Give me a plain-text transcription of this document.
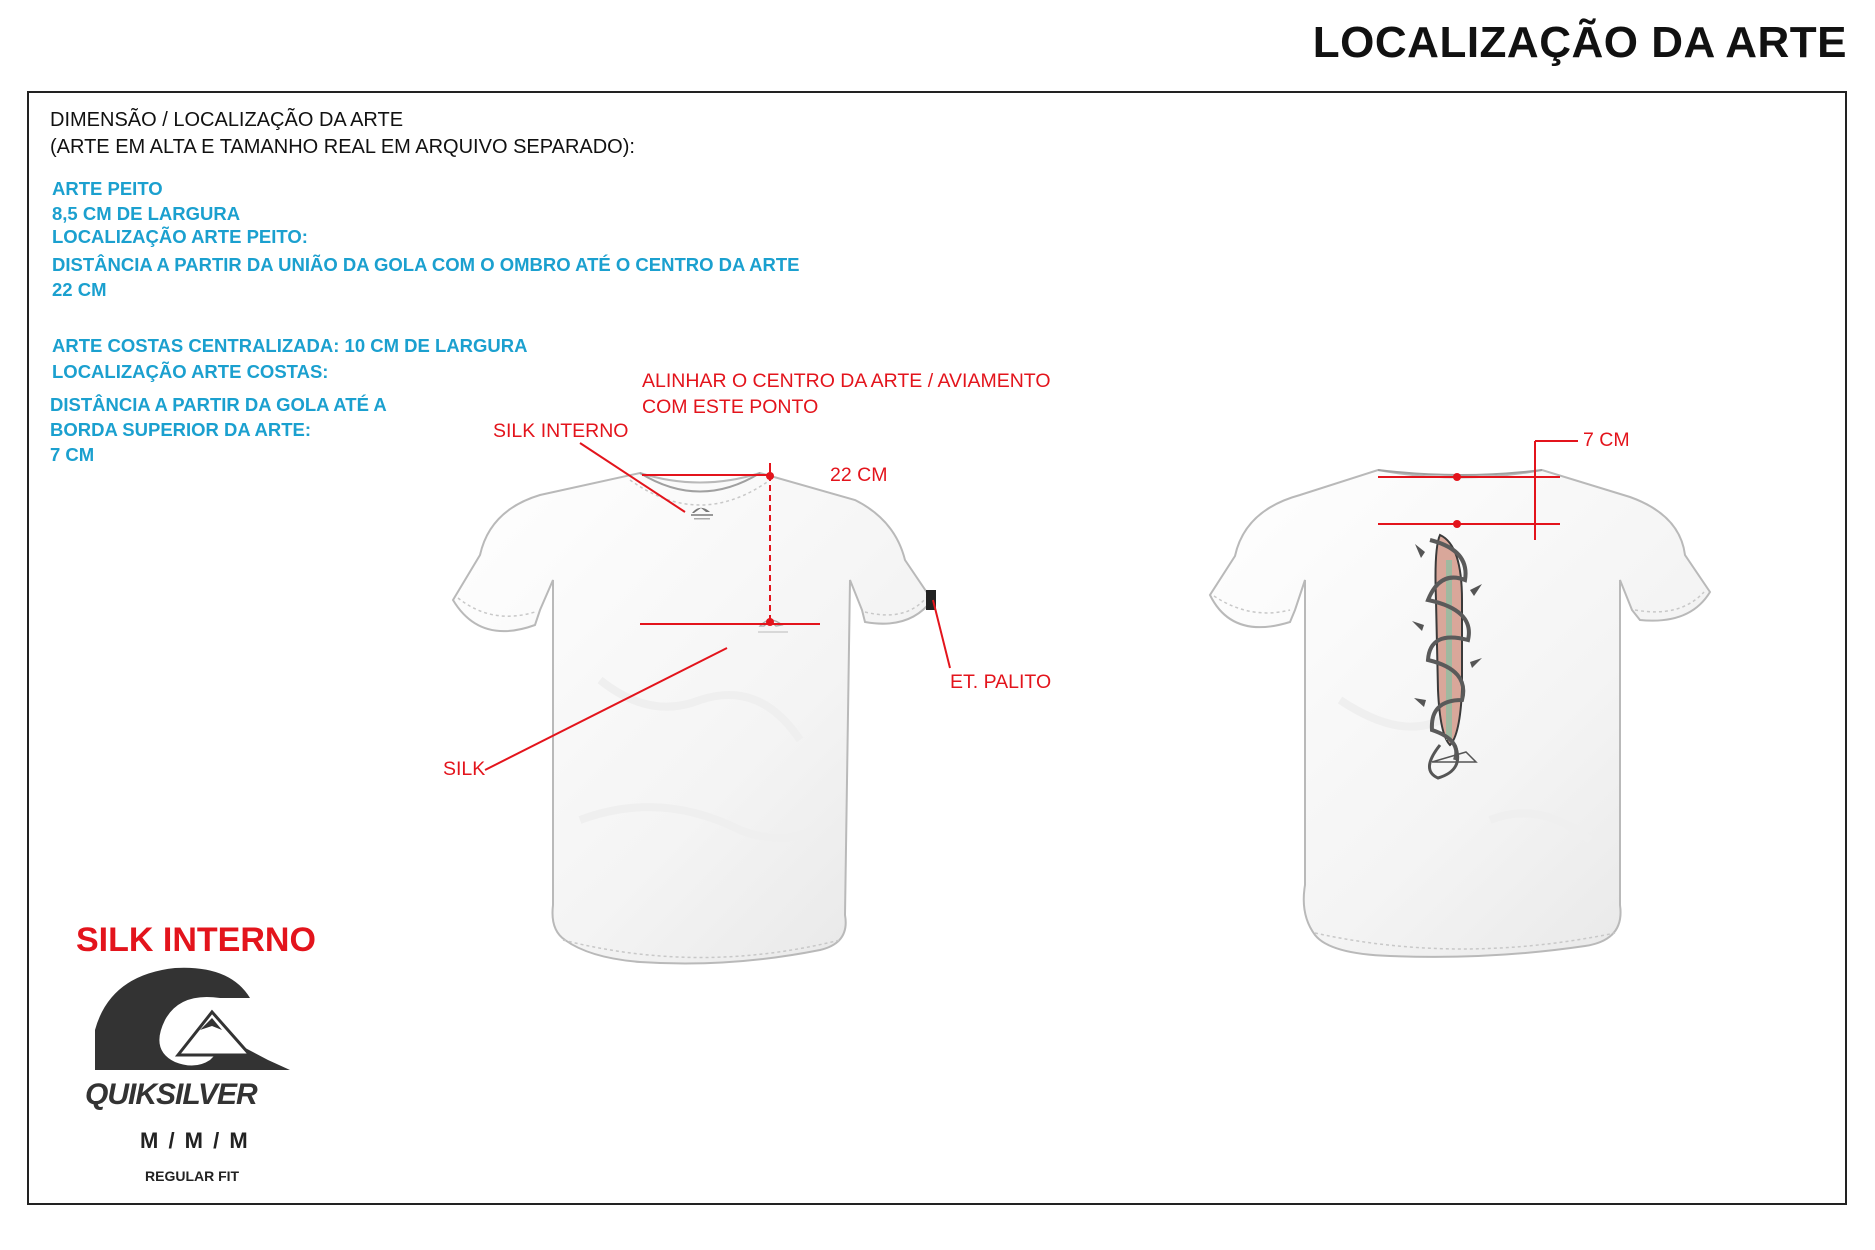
LOCALIZAÇÃO DA ARTE
DIMENSÃO / LOCALIZAÇÃO DA ARTE
(ARTE EM ALTA E TAMANHO REAL EM ARQUIVO SEPARADO):
ARTE PEITO
8,5 CM DE LARGURA
LOCALIZAÇÃO ARTE PEITO:
DISTÂNCIA A PARTIR DA UNIÃO DA GOLA COM O OMBRO ATÉ O CENTRO DA ARTE
22 CM
ARTE COSTAS CENTRALIZADA: 10 CM DE LARGURA
LOCALIZAÇÃO ARTE COSTAS:
DISTÂNCIA A PARTIR DA GOLA ATÉ A
BORDA SUPERIOR DA ARTE:
7 CM
ALINHAR O CENTRO DA ARTE / AVIAMENTO
COM ESTE PONTO
SILK INTERNO
22 CM
ET. PALITO
SILK
7 CM
SILK INTERNO
QUIKSILVER
M / M / M
REGULAR FIT
